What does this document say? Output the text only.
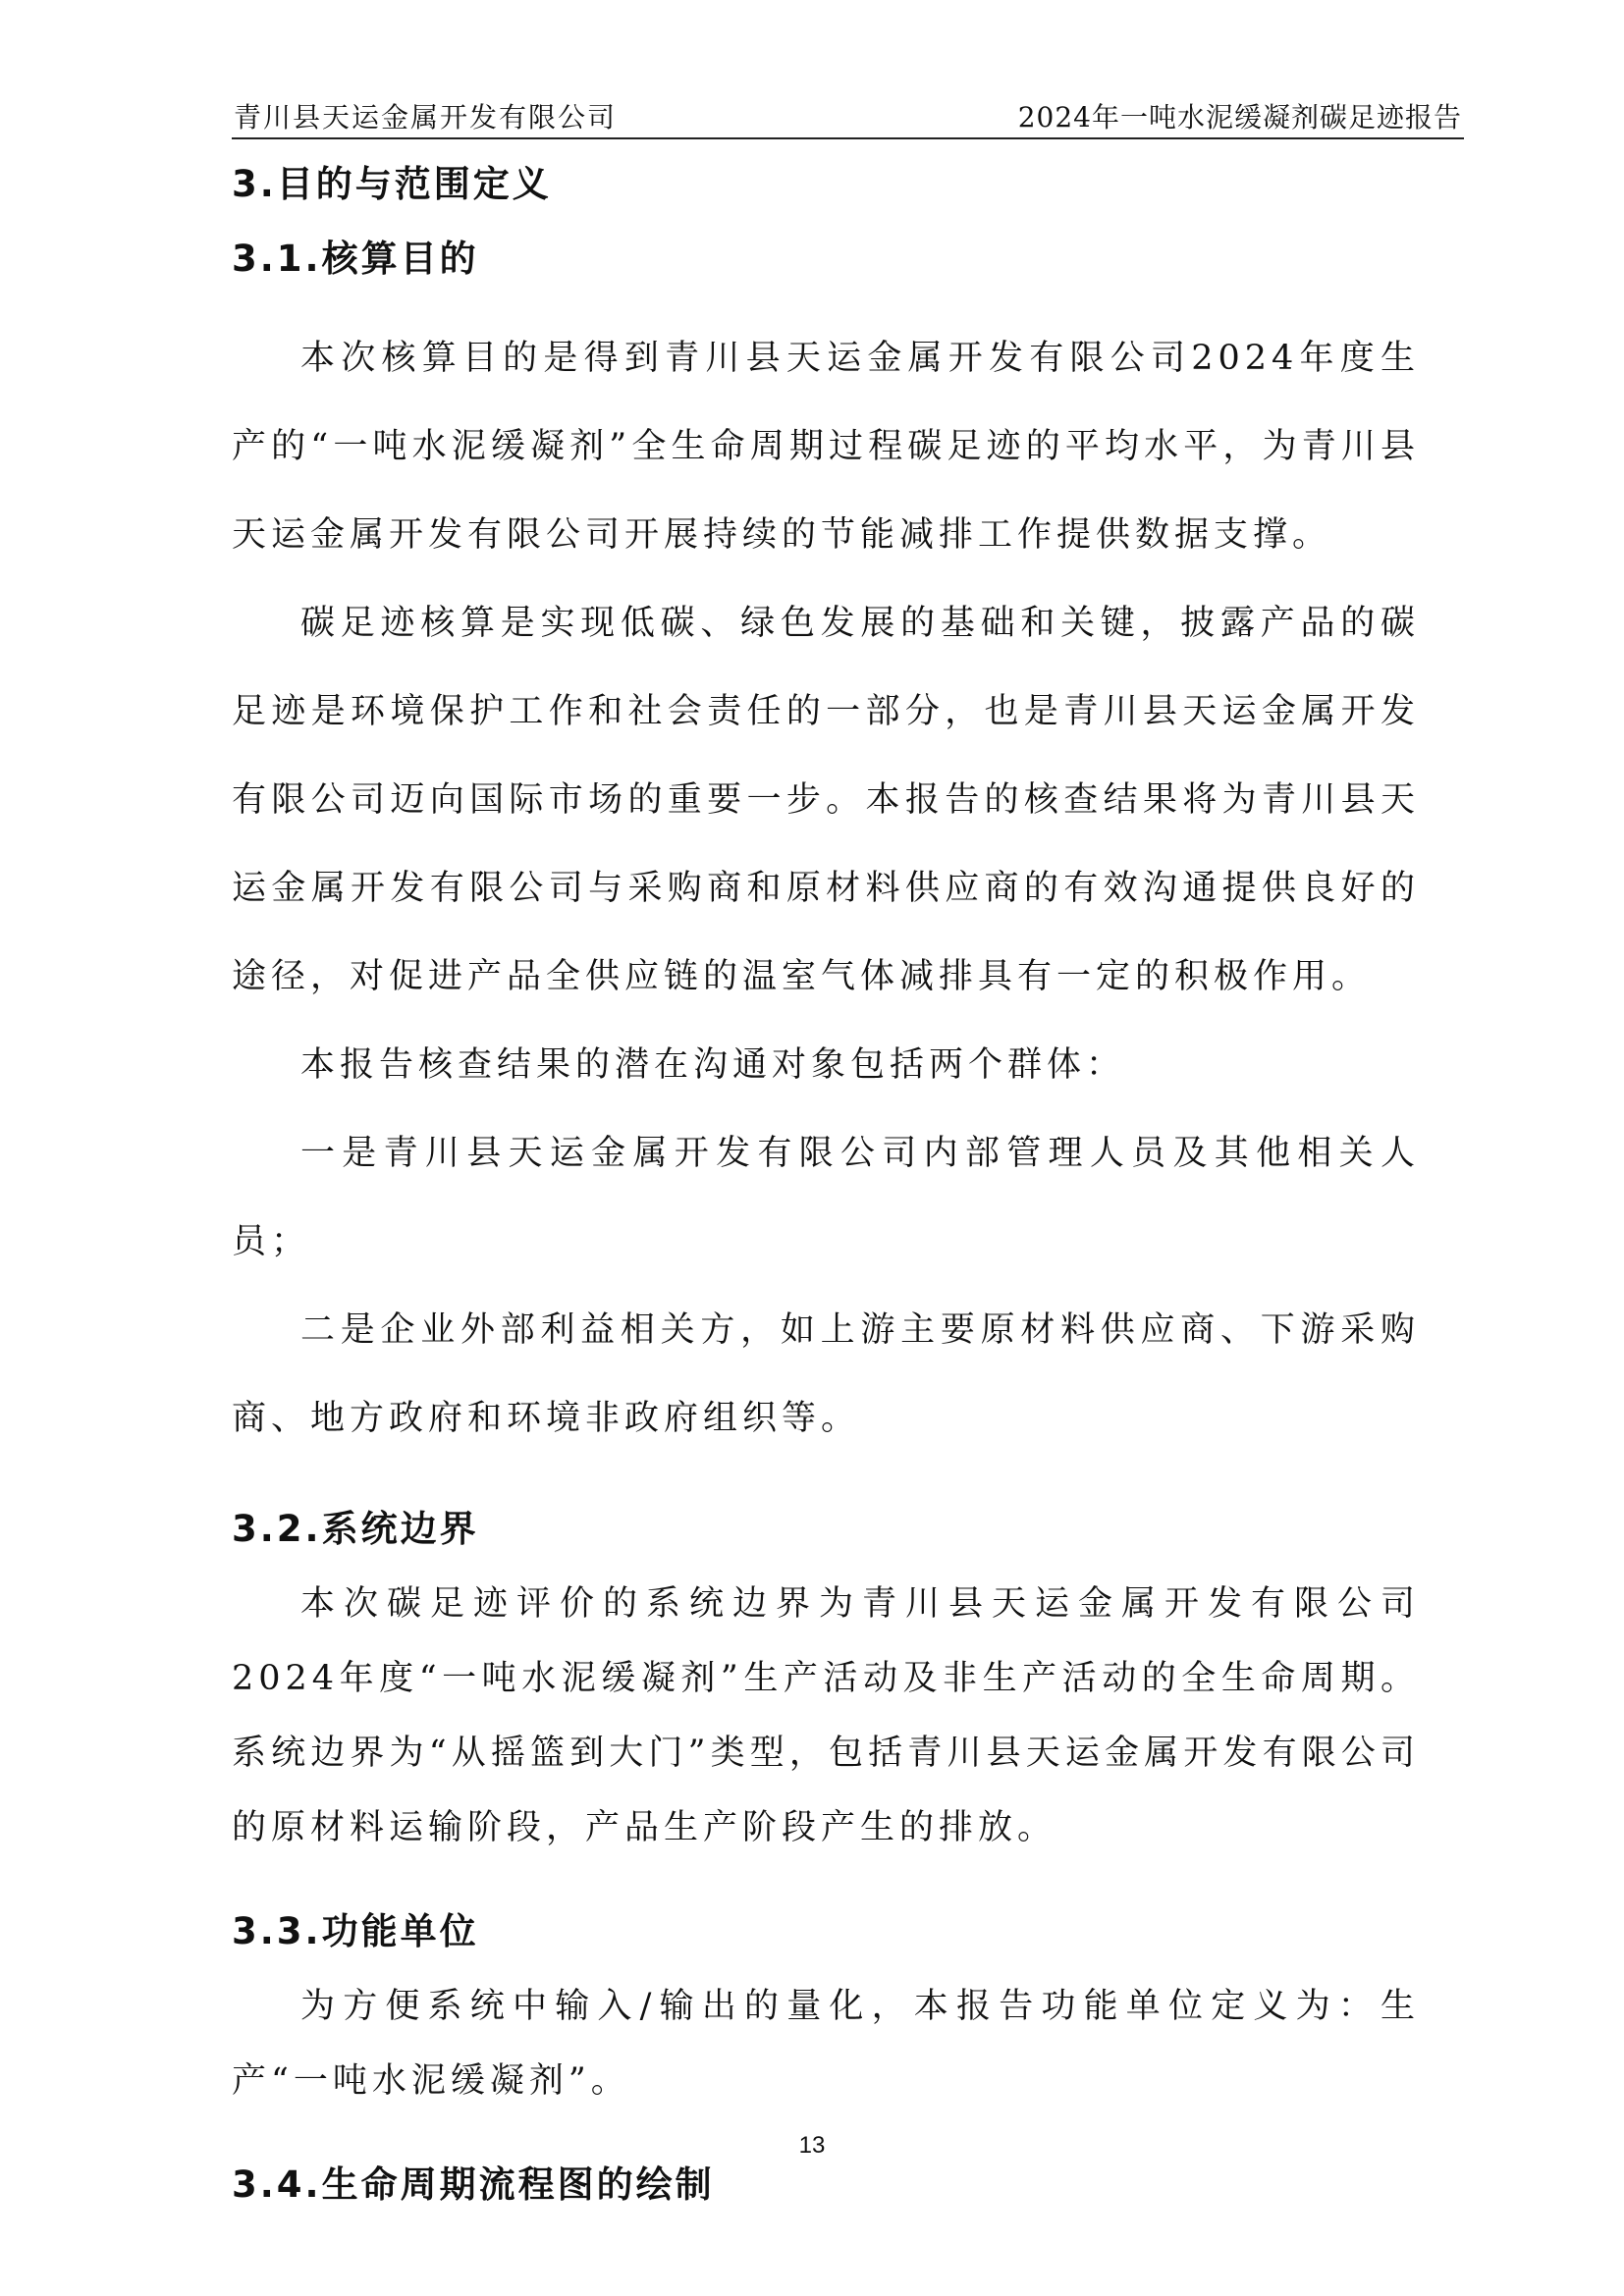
青川县天运金属开发有限公司	2024年一吨水泥缓凝剂碳足迹报告
3.目的与范围定义
3.1.核算目的

本次核算目的是得到青川县天运金属开发有限公司2024年度生产的“一吨水泥缓凝剂”全生命周期过程碳足迹的平均水平，为青川县天运金属开发有限公司开展持续的节能减排工作提供数据支撑。

碳足迹核算是实现低碳、绿色发展的基础和关键，披露产品的碳足迹是环境保护工作和社会责任的一部分，也是青川县天运金属开发有限公司迈向国际市场的重要一步。本报告的核查结果将为青川县天运金属开发有限公司与采购商和原材料供应商的有效沟通提供良好的途径，对促进产品全供应链的温室气体减排具有一定的积极作用。

本报告核查结果的潜在沟通对象包括两个群体：

一是青川县天运金属开发有限公司内部管理人员及其他相关人员；

二是企业外部利益相关方，如上游主要原材料供应商、下游采购商、地方政府和环境非政府组织等。

3.2.系统边界

本次碳足迹评价的系统边界为青川县天运金属开发有限公司 2024年度“一吨水泥缓凝剂”生产活动及非生产活动的全生命周期。系统边界为“从摇篮到大门”类型，包括青川县天运金属开发有限公司的原材料运输阶段，产品生产阶段产生的排放。

3.3.功能单位

为方便系统中输入/输出的量化，本报告功能单位定义为：生产“一吨水泥缓凝剂”。

3.4.生命周期流程图的绘制
13
